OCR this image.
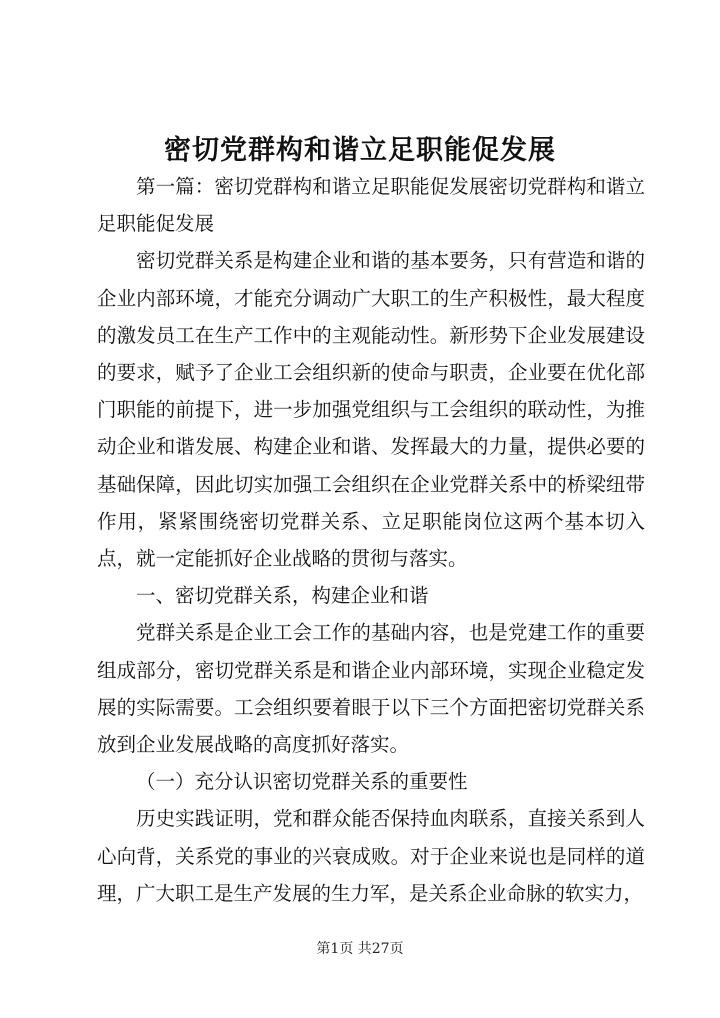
密切党群构和谐立足职能促发展

第一篇：密切党群构和谐立足职能促发展密切党群构和谐立足职能促发展

密切党群关系是构建企业和谐的基本要务，只有营造和谐的企业内部环境，才能充分调动广大职工的生产积极性，最大程度的激发员工在生产工作中的主观能动性。新形势下企业发展建设的要求，赋予了企业工会组织新的使命与职责，企业要在优化部门职能的前提下，进一步加强党组织与工会组织的联动性，为推动企业和谐发展、构建企业和谐、发挥最大的力量，提供必要的基础保障，因此切实加强工会组织在企业党群关系中的桥梁纽带作用，紧紧围绕密切党群关系、立足职能岗位这两个基本切入点，就一定能抓好企业战略的贯彻与落实。

一、密切党群关系，构建企业和谐

党群关系是企业工会工作的基础内容，也是党建工作的重要组成部分，密切党群关系是和谐企业内部环境，实现企业稳定发展的实际需要。工会组织要着眼于以下三个方面把密切党群关系放到企业发展战略的高度抓好落实。

（一）充分认识密切党群关系的重要性

历史实践证明，党和群众能否保持血肉联系，直接关系到人心向背，关系党的事业的兴衰成败。对于企业来说也是同样的道理，广大职工是生产发展的生力军，是关系企业命脉的软实力，

第1页 共27页
